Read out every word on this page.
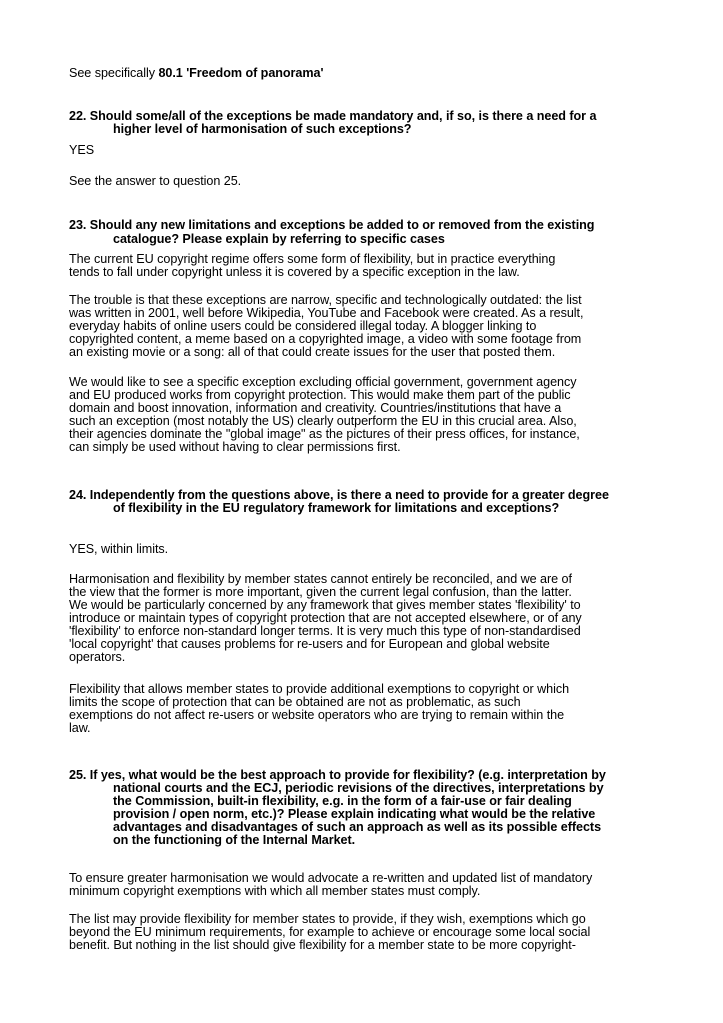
See specifically 80.1 'Freedom of panorama'
22. Should some/all of the exceptions be made mandatory and, if so, is there a need for a
higher level of harmonisation of such exceptions?
YES
See the answer to question 25.
23. Should any new limitations and exceptions be added to or removed from the existing
catalogue? Please explain by referring to specific cases
The current EU copyright regime offers some form of flexibility, but in practice everything
tends to fall under copyright unless it is covered by a specific exception in the law.
The trouble is that these exceptions are narrow, specific and technologically outdated: the list
was written in 2001, well before Wikipedia, YouTube and Facebook were created. As a result,
everyday habits of online users could be considered illegal today. A blogger linking to
copyrighted content, a meme based on a copyrighted image, a video with some footage from
an existing movie or a song: all of that could create issues for the user that posted them.
We would like to see a specific exception excluding official government, government agency
and EU produced works from copyright protection. This would make them part of the public
domain and boost innovation, information and creativity. Countries/institutions that have a
such an exception (most notably the US) clearly outperform the EU in this crucial area. Also,
their agencies dominate the "global image" as the pictures of their press offices, for instance,
can simply be used without having to clear permissions first.
24. Independently from the questions above, is there a need to provide for a greater degree
of flexibility in the EU regulatory framework for limitations and exceptions?
YES, within limits.
Harmonisation and flexibility by member states cannot entirely be reconciled, and we are of
the view that the former is more important, given the current legal confusion, than the latter.
We would be particularly concerned by any framework that gives member states 'flexibility' to
introduce or maintain types of copyright protection that are not accepted elsewhere, or of any
'flexibility' to enforce non-standard longer terms. It is very much this type of non-standardised
'local copyright' that causes problems for re-users and for European and global website
operators.
Flexibility that allows member states to provide additional exemptions to copyright or which
limits the scope of protection that can be obtained are not as problematic, as such
exemptions do not affect re-users or website operators who are trying to remain within the
law.
25. If yes, what would be the best approach to provide for flexibility? (e.g. interpretation by
national courts and the ECJ, periodic revisions of the directives, interpretations by
the Commission, built-in flexibility, e.g. in the form of a fair-use or fair dealing
provision / open norm, etc.)? Please explain indicating what would be the relative
advantages and disadvantages of such an approach as well as its possible effects
on the functioning of the Internal Market.
To ensure greater harmonisation we would advocate a re-written and updated list of mandatory
minimum copyright exemptions with which all member states must comply.
The list may provide flexibility for member states to provide, if they wish, exemptions which go
beyond the EU minimum requirements, for example to achieve or encourage some local social
benefit. But nothing in the list should give flexibility for a member state to be more copyright-
